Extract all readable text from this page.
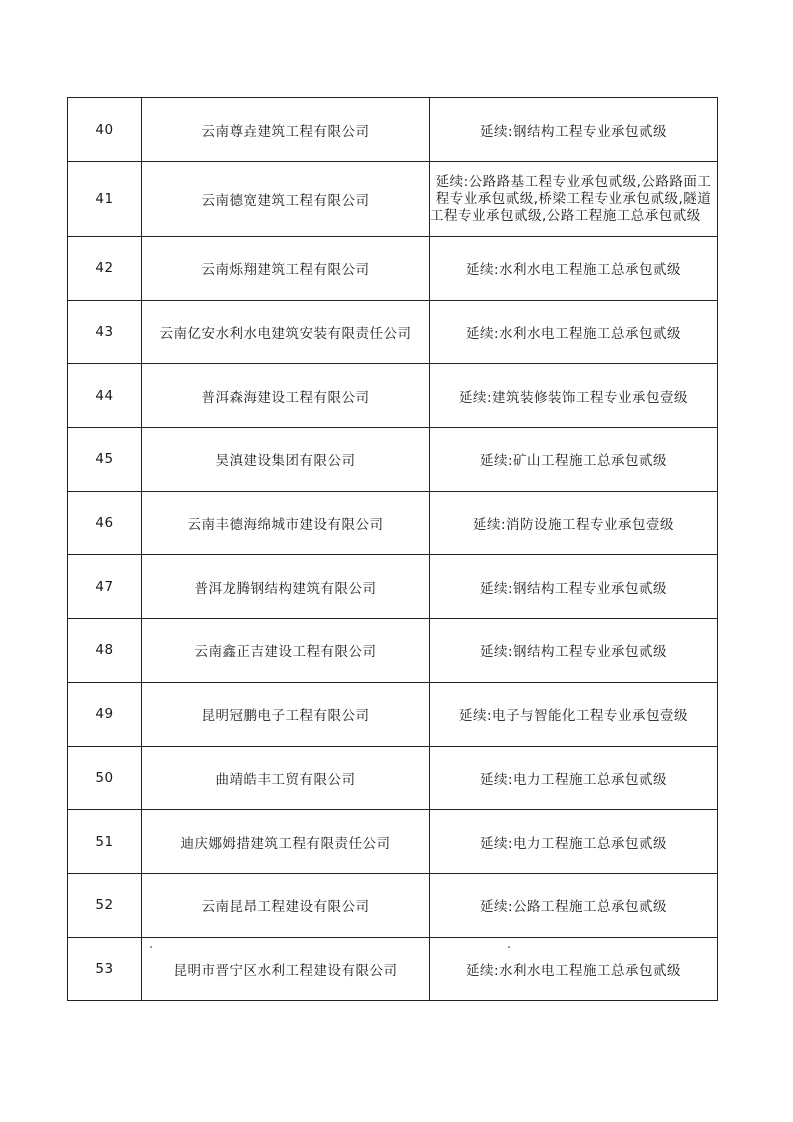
40	云南尊垚建筑工程有限公司	延续:钢结构工程专业承包贰级
41	云南德宽建筑工程有限公司	延续:公路路基工程专业承包贰级,公路路面工程专业承包贰级,桥梁工程专业承包贰级,隧道工程专业承包贰级,公路工程施工总承包贰级
42	云南烁翔建筑工程有限公司	延续:水利水电工程施工总承包贰级
43	云南亿安水利水电建筑安装有限责任公司	延续:水利水电工程施工总承包贰级
44	普洱森海建设工程有限公司	延续:建筑装修装饰工程专业承包壹级
45	昊滇建设集团有限公司	延续:矿山工程施工总承包贰级
46	云南丰德海绵城市建设有限公司	延续:消防设施工程专业承包壹级
47	普洱龙腾钢结构建筑有限公司	延续:钢结构工程专业承包贰级
48	云南鑫正吉建设工程有限公司	延续:钢结构工程专业承包贰级
49	昆明冠鹏电子工程有限公司	延续:电子与智能化工程专业承包壹级
50	曲靖皓丰工贸有限公司	延续:电力工程施工总承包贰级
51	迪庆娜姆措建筑工程有限责任公司	延续:电力工程施工总承包贰级
52	云南昆昂工程建设有限公司	延续:公路工程施工总承包贰级
53	昆明市晋宁区水利工程建设有限公司	延续:水利水电工程施工总承包贰级
